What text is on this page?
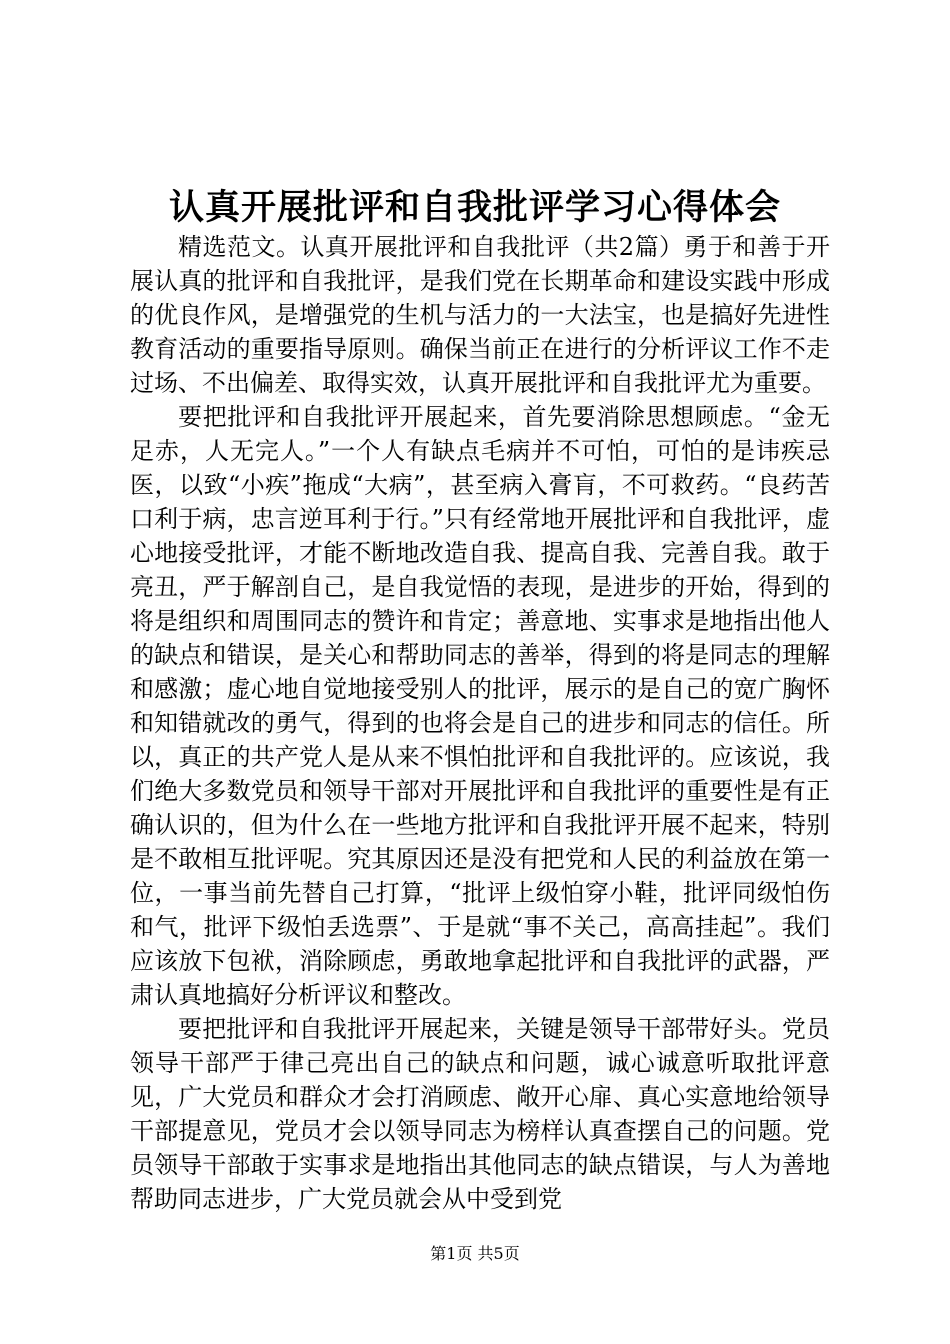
认真开展批评和自我批评学习心得体会

精选范文。认真开展批评和自我批评（共2篇）勇于和善于开展认真的批评和自我批评，是我们党在长期革命和建设实践中形成的优良作风，是增强党的生机与活力的一大法宝，也是搞好先进性教育活动的重要指导原则。确保当前正在进行的分析评议工作不走过场、不出偏差、取得实效，认真开展批评和自我批评尤为重要。

要把批评和自我批评开展起来，首先要消除思想顾虑。“金无足赤，人无完人。”一个人有缺点毛病并不可怕，可怕的是讳疾忌医，以致“小疾”拖成“大病”，甚至病入膏肓，不可救药。“良药苦口利于病，忠言逆耳利于行。”只有经常地开展批评和自我批评，虚心地接受批评，才能不断地改造自我、提高自我、完善自我。敢于亮丑，严于解剖自己，是自我觉悟的表现，是进步的开始，得到的将是组织和周围同志的赞许和肯定；善意地、实事求是地指出他人的缺点和错误，是关心和帮助同志的善举，得到的将是同志的理解和感激；虚心地自觉地接受别人的批评，展示的是自己的宽广胸怀和知错就改的勇气，得到的也将会是自己的进步和同志的信任。所以，真正的共产党人是从来不惧怕批评和自我批评的。应该说，我们绝大多数党员和领导干部对开展批评和自我批评的重要性是有正确认识的，但为什么在一些地方批评和自我批评开展不起来，特别是不敢相互批评呢。究其原因还是没有把党和人民的利益放在第一位，一事当前先替自己打算，“批评上级怕穿小鞋，批评同级怕伤和气，批评下级怕丢选票”、于是就“事不关己，高高挂起”。我们应该放下包袱，消除顾虑，勇敢地拿起批评和自我批评的武器，严肃认真地搞好分析评议和整改。

要把批评和自我批评开展起来，关键是领导干部带好头。党员领导干部严于律己亮出自己的缺点和问题，诚心诚意听取批评意见，广大党员和群众才会打消顾虑、敞开心扉、真心实意地给领导干部提意见，党员才会以领导同志为榜样认真查摆自己的问题。党员领导干部敢于实事求是地指出其他同志的缺点错误，与人为善地帮助同志进步，广大党员就会从中受到党

第1页 共5页
